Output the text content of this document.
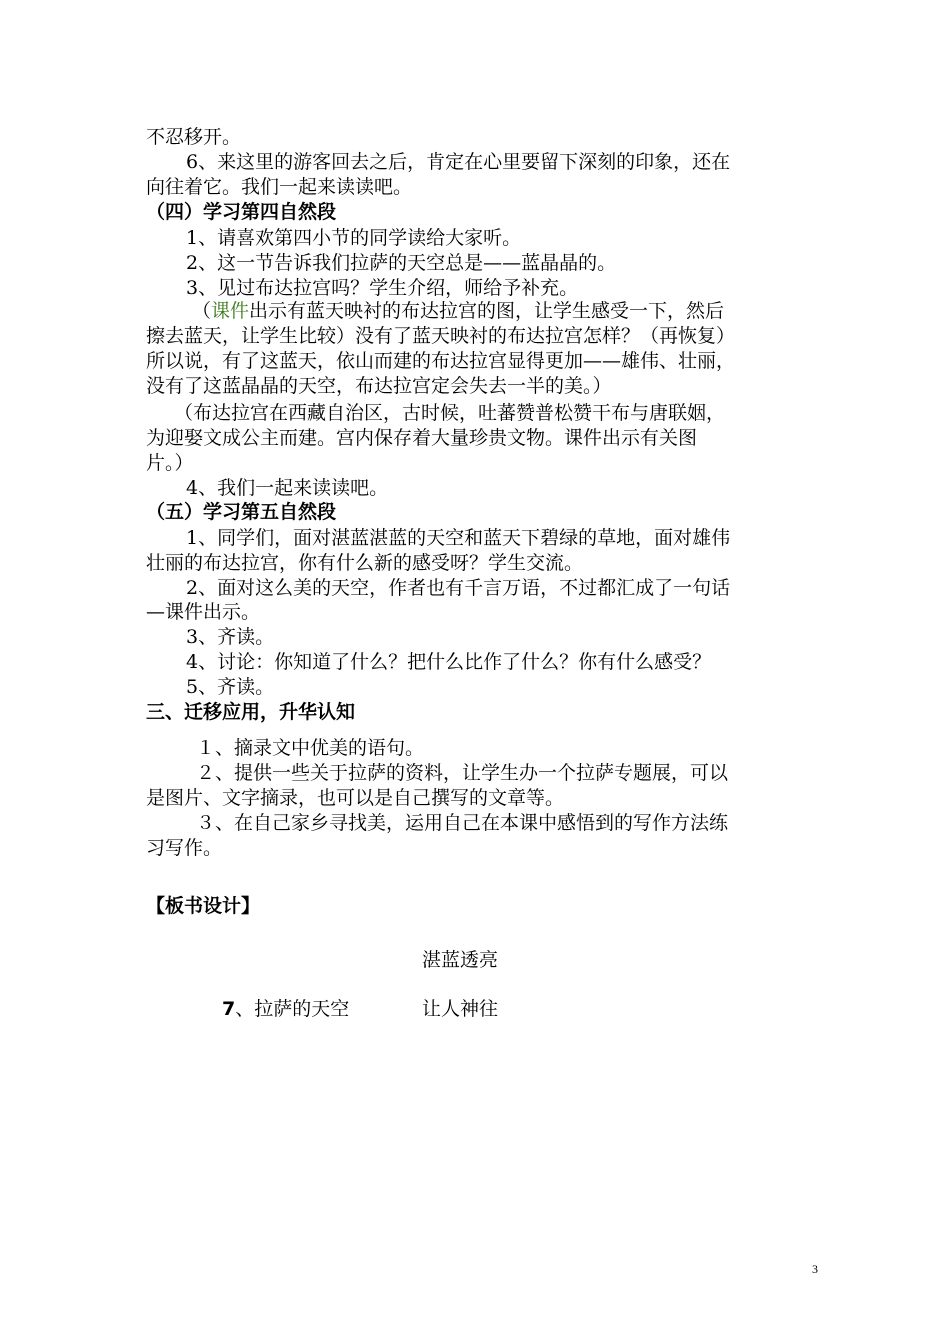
不忍移开。
6、来这里的游客回去之后，肯定在心里要留下深刻的印象，还在
向往着它。我们一起来读读吧。
（四）学习第四自然段
1、请喜欢第四小节的同学读给大家听。
2、这一节告诉我们拉萨的天空总是——蓝晶晶的。
3、见过布达拉宫吗？学生介绍，师给予补充。
（课件出示有蓝天映衬的布达拉宫的图，让学生感受一下，然后
擦去蓝天，让学生比较）没有了蓝天映衬的布达拉宫怎样？（再恢复）
所以说，有了这蓝天，依山而建的布达拉宫显得更加——雄伟、壮丽，
没有了这蓝晶晶的天空，布达拉宫定会失去一半的美。）
（布达拉宫在西藏自治区，古时候，吐蕃赞普松赞干布与唐联姻，
为迎娶文成公主而建。宫内保存着大量珍贵文物。课件出示有关图
片。）
4、我们一起来读读吧。
（五）学习第五自然段
1、同学们，面对湛蓝湛蓝的天空和蓝天下碧绿的草地，面对雄伟
壮丽的布达拉宫，你有什么新的感受呀？学生交流。
2、面对这么美的天空，作者也有千言万语，不过都汇成了一句话
—课件出示。
3、齐读。
4、讨论：你知道了什么？把什么比作了什么？你有什么感受？
5、齐读。
三、迁移应用，升华认知
１、摘录文中优美的语句。
２、提供一些关于拉萨的资料，让学生办一个拉萨专题展，可以
是图片、文字摘录，也可以是自己撰写的文章等。
３、在自己家乡寻找美，运用自己在本课中感悟到的写作方法练
习写作。
【板书设计】
湛蓝透亮
7、拉萨的天空	让人神往
3
